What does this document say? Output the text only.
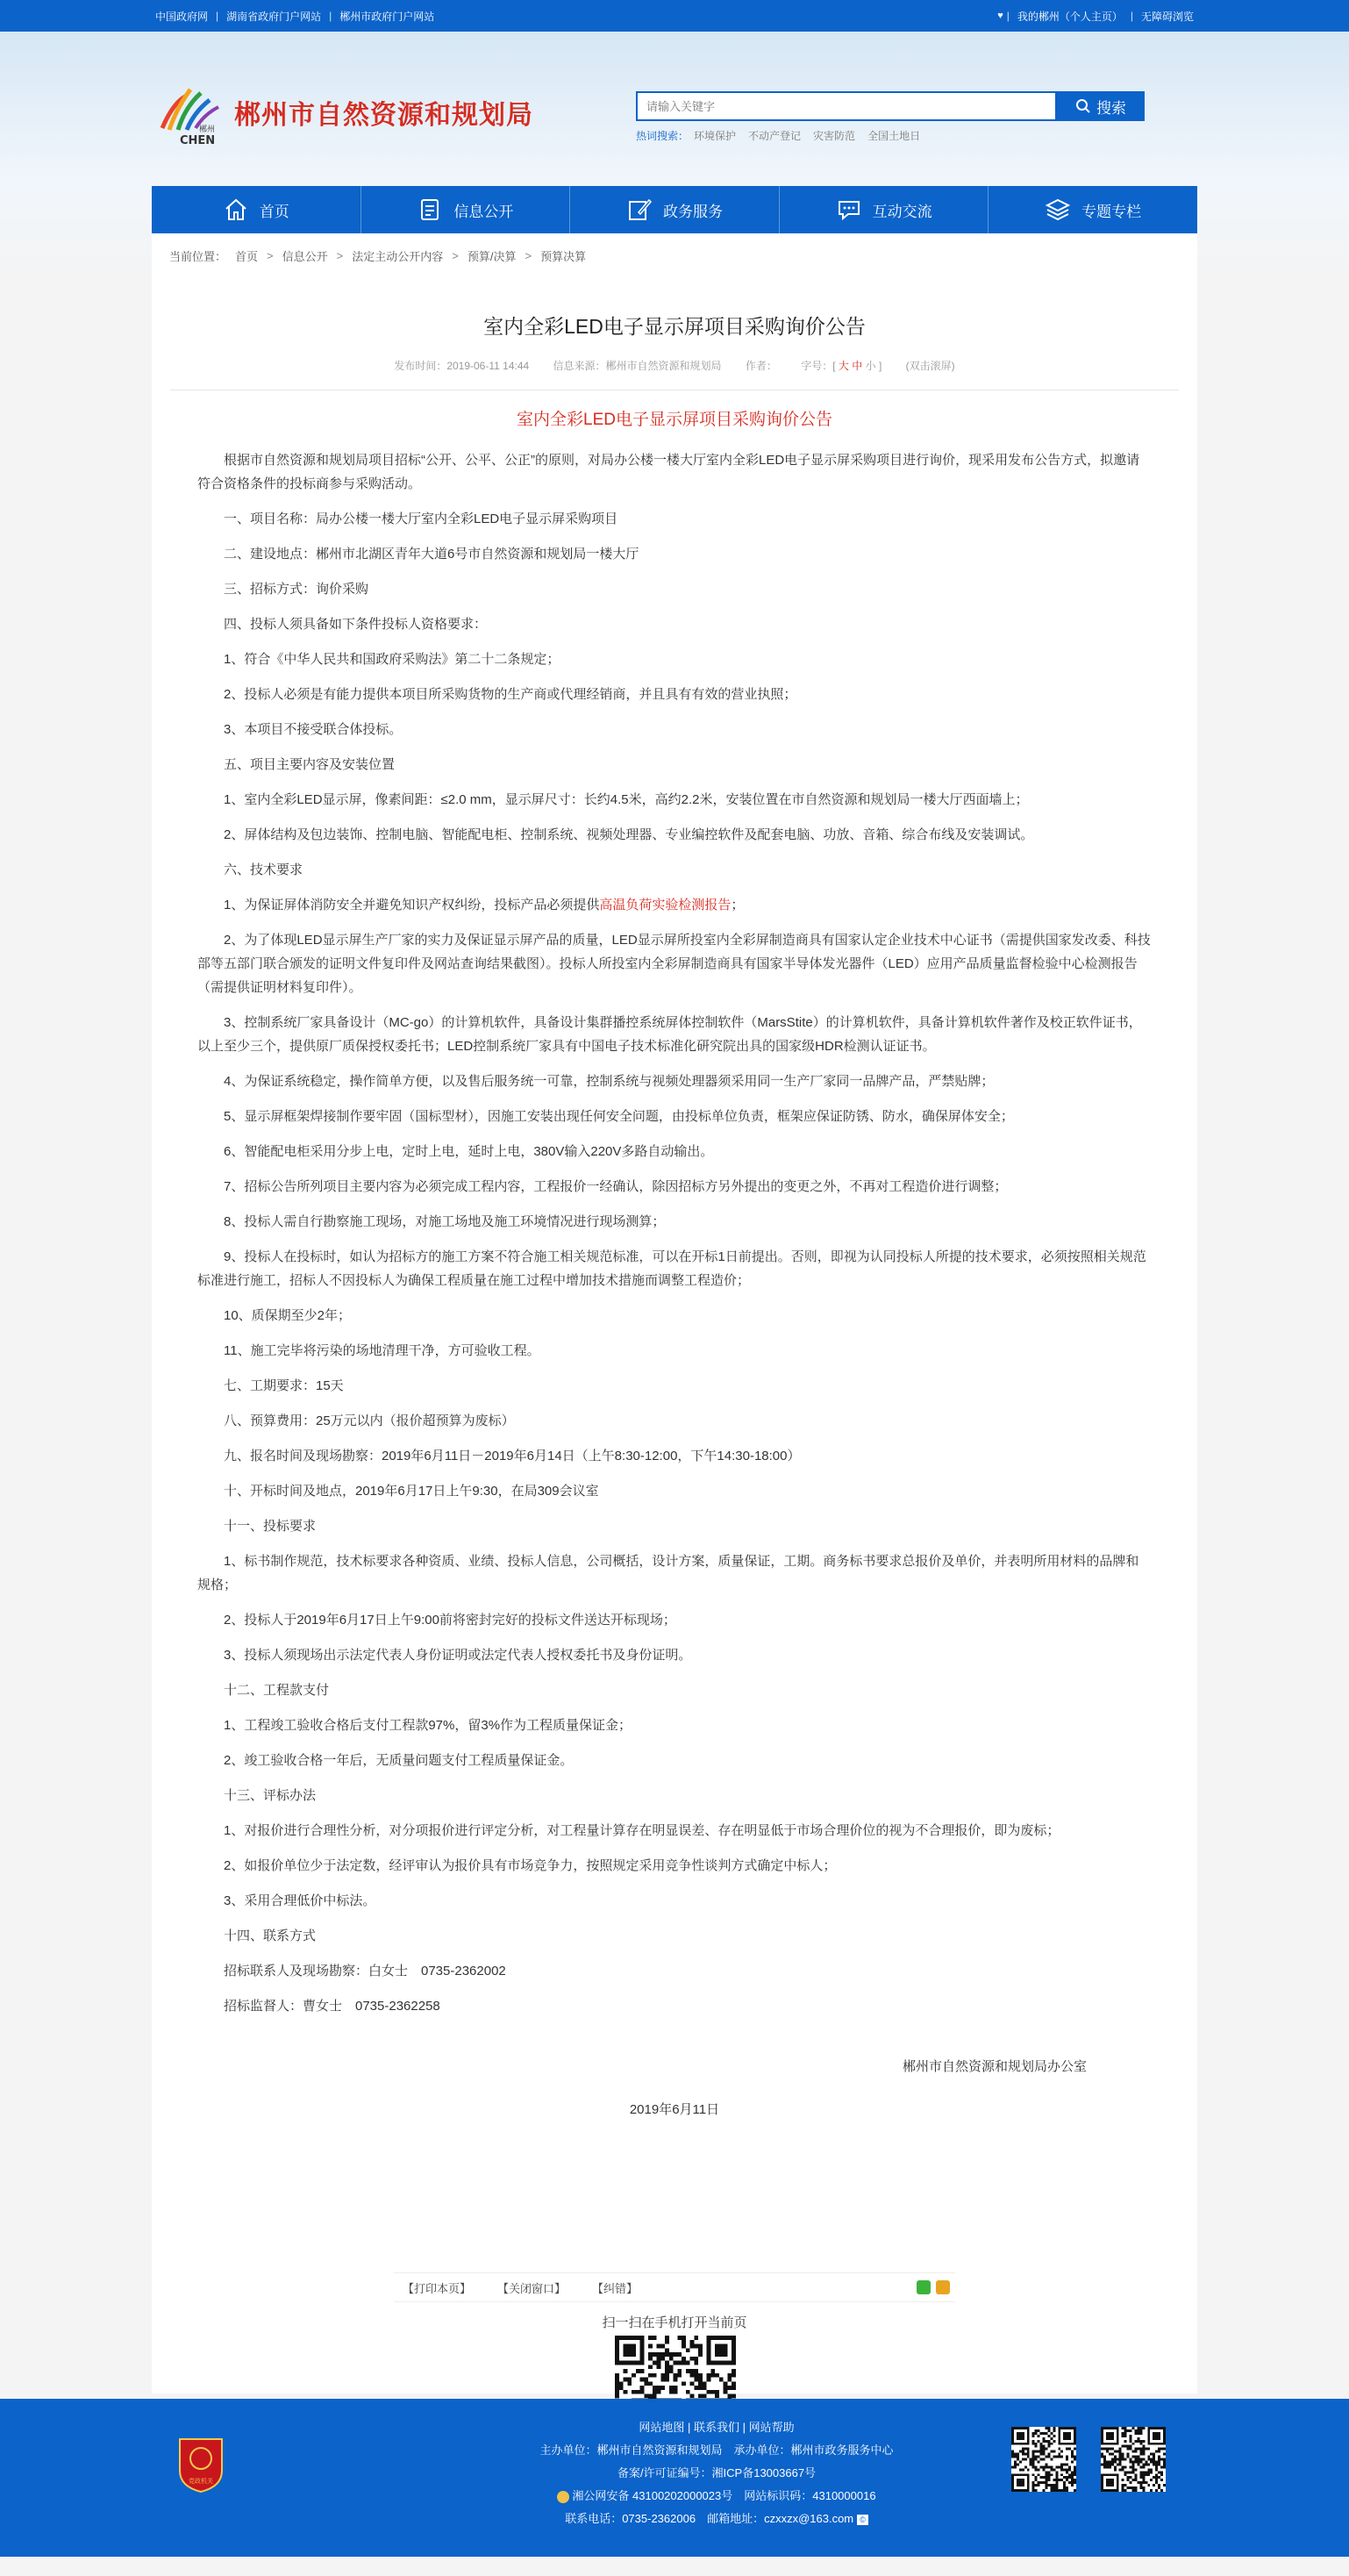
中国政府网 | 湖南省政府门户网站 | 郴州市政府门户网站	♥ | 我的郴州（个人主页） | 无障碍浏览
郴州
CHEN
郴州市自然资源和规划局
请输入关键字	搜索
热词搜索： 环境保护 不动产登记 灾害防范 全国土地日
首页	信息公开	政务服务	互动交流	专题专栏
当前位置： 首页 > 信息公开 > 法定主动公开内容 > 预算/决算 > 预算决算
室内全彩LED电子显示屏项目采购询价公告
发布时间：2019-06-11 14:44 信息来源：郴州市自然资源和规划局 作者： 字号：[ 大 中 小 ] (双击滚屏)
室内全彩LED电子显示屏项目采购询价公告

根据市自然资源和规划局项目招标“公开、公平、公正”的原则，对局办公楼一楼大厅室内全彩LED电子显示屏采购项目进行询价，现采用发布公告方式，拟邀请符合资格条件的投标商参与采购活动。

一、项目名称：局办公楼一楼大厅室内全彩LED电子显示屏采购项目

二、建设地点：郴州市北湖区青年大道6号市自然资源和规划局一楼大厅

三、招标方式：询价采购

四、投标人须具备如下条件投标人资格要求：

1、符合《中华人民共和国政府采购法》第二十二条规定；

2、投标人必须是有能力提供本项目所采购货物的生产商或代理经销商，并且具有有效的营业执照；

3、本项目不接受联合体投标。

五、项目主要内容及安装位置

1、室内全彩LED显示屏，像素间距：≤2.0 mm，显示屏尺寸：长约4.5米，高约2.2米，安装位置在市自然资源和规划局一楼大厅西面墙上；

2、屏体结构及包边装饰、控制电脑、智能配电柜、控制系统、视频处理器、专业编控软件及配套电脑、功放、音箱、综合布线及安装调试。

六、技术要求

1、为保证屏体消防安全并避免知识产权纠纷，投标产品必须提供高温负荷实验检测报告；

2、为了体现LED显示屏生产厂家的实力及保证显示屏产品的质量，LED显示屏所投室内全彩屏制造商具有国家认定企业技术中心证书（需提供国家发改委、科技部等五部门联合颁发的证明文件复印件及网站查询结果截图）。投标人所投室内全彩屏制造商具有国家半导体发光器件（LED）应用产品质量监督检验中心检测报告（需提供证明材料复印件）。

3、控制系统厂家具备设计（MC-go）的计算机软件，具备设计集群播控系统屏体控制软件（MarsStite）的计算机软件，具备计算机软件著作及校正软件证书，以上至少三个，提供原厂质保授权委托书；LED控制系统厂家具有中国电子技术标准化研究院出具的国家级HDR检测认证证书。

4、为保证系统稳定，操作简单方便，以及售后服务统一可靠，控制系统与视频处理器须采用同一生产厂家同一品牌产品，严禁贴牌；

5、显示屏框架焊接制作要牢固（国标型材），因施工安装出现任何安全问题，由投标单位负责，框架应保证防锈、防水，确保屏体安全；

6、智能配电柜采用分步上电，定时上电，延时上电，380V输入220V多路自动输出。

7、招标公告所列项目主要内容为必须完成工程内容，工程报价一经确认，除因招标方另外提出的变更之外，不再对工程造价进行调整；

8、投标人需自行勘察施工现场，对施工场地及施工环境情况进行现场测算；

9、投标人在投标时，如认为招标方的施工方案不符合施工相关规范标准，可以在开标1日前提出。否则，即视为认同投标人所提的技术要求，必须按照相关规范标准进行施工，招标人不因投标人为确保工程质量在施工过程中增加技术措施而调整工程造价；

10、质保期至少2年；

11、施工完毕将污染的场地清理干净，方可验收工程。

七、工期要求：15天

八、预算费用：25万元以内（报价超预算为废标）

九、报名时间及现场勘察：2019年6月11日－2019年6月14日（上午8:30-12:00，下午14:30-18:00）

十、开标时间及地点，2019年6月17日上午9:30，在局309会议室

十一、投标要求

1、标书制作规范，技术标要求各种资质、业绩、投标人信息，公司概括，设计方案，质量保证，工期。商务标书要求总报价及单价，并表明所用材料的品牌和规格；

2、投标人于2019年6月17日上午9:00前将密封完好的投标文件送达开标现场；

3、投标人须现场出示法定代表人身份证明或法定代表人授权委托书及身份证明。

十二、工程款支付

1、工程竣工验收合格后支付工程款97%，留3%作为工程质量保证金；

2、竣工验收合格一年后，无质量问题支付工程质量保证金。

十三、评标办法

1、对报价进行合理性分析，对分项报价进行评定分析，对工程量计算存在明显误差、存在明显低于市场合理价位的视为不合理报价，即为废标；

2、如报价单位少于法定数，经评审认为报价具有市场竞争力，按照规定采用竞争性谈判方式确定中标人；

3、采用合理低价中标法。

十四、联系方式

招标联系人及现场勘察：白女士　0735-2362002

招标监督人：曹女士　0735-2362258

郴州市自然资源和规划局办公室
2019年6月11日
【打印本页】 【关闭窗口】 【纠错】
扫一扫在手机打开当前页
党政机关
网站地图 | 联系我们 | 网站帮助
主办单位：郴州市自然资源和规划局　 承办单位：郴州市政务服务中心
备案/许可证编号：湘ICP备13003667号
湘公网安备 43100202000023号　 网站标识码：4310000016
联系电话：0735-2362006　 邮箱地址：czxxzx@163.com ©
